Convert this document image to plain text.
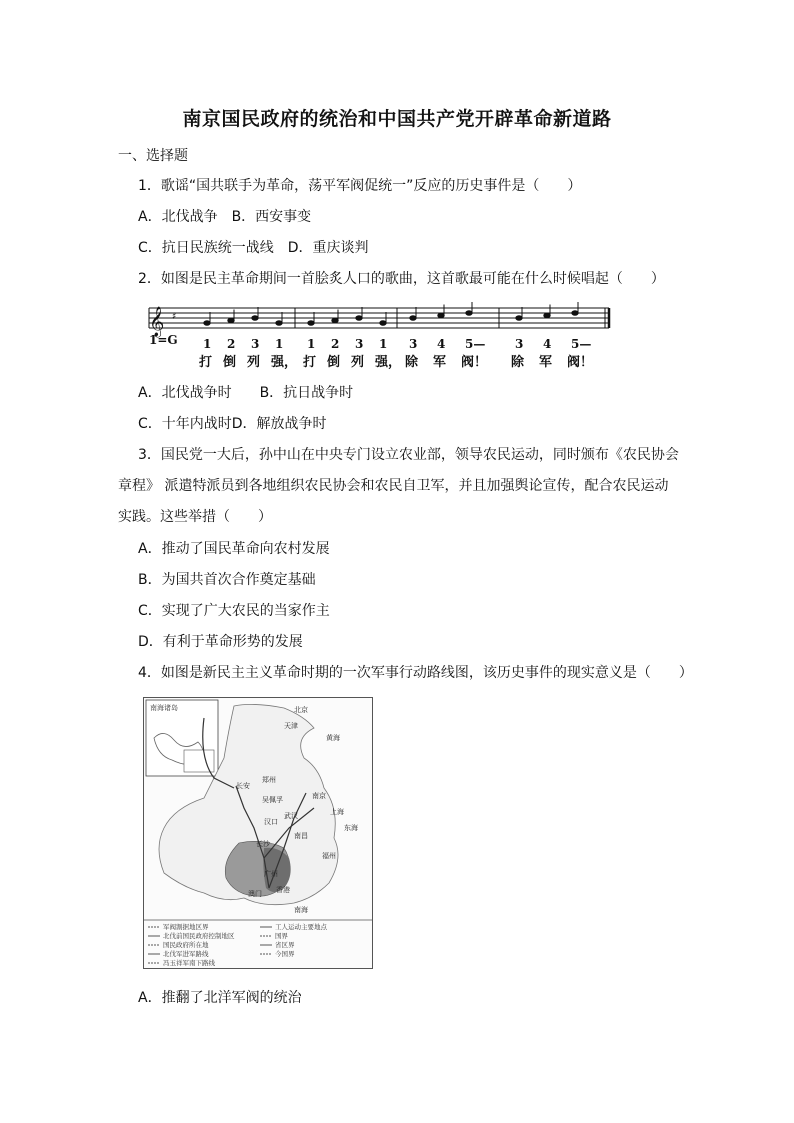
南京国民政府的统治和中国共产党开辟革命新道路
一、选择题
1．歌谣“国共联手为革命，荡平军阀促统一”反应的历史事件是（　　）
A．北伐战争　B．西安事变
C．抗日民族统一战线　D．重庆谈判
2．如图是民主革命期间一首脍炙人口的歌曲，这首歌最可能在什么时候唱起（　　）
𝄞 ♯
1=G 1 2 3 1 1 2 3 1 3 4 5— 3 4 5—
打 倒 列 强， 打 倒 列 强， 除 军 阀！ 除 军 阀！
A．北伐战争时　　B．抗日战争时
C．十年内战时D．解放战争时
3．国民党一大后，孙中山在中央专门设立农业部，领导农民运动，同时颁布《农民协会
章程》 派遣特派员到各地组织农民协会和农民自卫军，并且加强舆论宣传，配合农民运动
实践。这些举措（　　）
A．推动了国民革命向农村发展
B．为国共首次合作奠定基础
C．实现了广大农民的当家作主
D．有利于革命形势的发展
4．如图是新民主主义革命时期的一次军事行动路线图，该历史事件的现实意义是（　　）
南海诸岛	北京
天津
黄海
郑州
长安
吴佩孚	南京
上海
武汉
汉口
南昌
长沙
福州
东海
广州
澳门 香港
南海
军阀割据地区界
北伐前国民政府控制地区
国民政府所在地
北伐军进军路线
冯玉祥军南下路线
工人运动主要地点
国界
省区界
今国界
A．推翻了北洋军阀的统治
